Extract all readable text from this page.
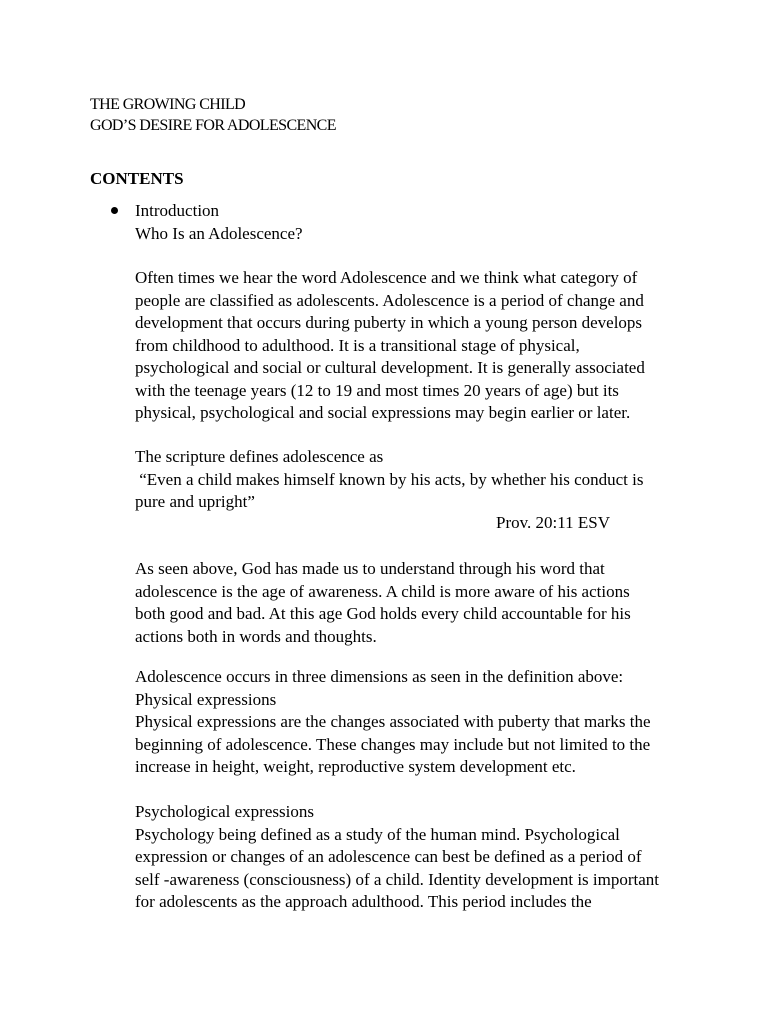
THE GROWING CHILD
GOD’S DESIRE FOR ADOLESCENCE
CONTENTS
Introduction
Who Is an Adolescence?
Often times we hear the word Adolescence and we think what category of
people are classified as adolescents. Adolescence is a period of change and
development that occurs during puberty in which a young person develops
from childhood to adulthood. It is a transitional stage of physical,
psychological and social or cultural development. It is generally associated
with the teenage years (12 to 19 and most times 20 years of age) but its
physical, psychological and social expressions may begin earlier or later.
The scripture defines adolescence as
“Even a child makes himself known by his acts, by whether his conduct is
pure and upright”
Prov. 20:11 ESV
As seen above, God has made us to understand through his word that
adolescence is the age of awareness. A child is more aware of his actions
both good and bad. At this age God holds every child accountable for his
actions both in words and thoughts.
Adolescence occurs in three dimensions as seen in the definition above:
Physical expressions
Physical expressions are the changes associated with puberty that marks the
beginning of adolescence. These changes may include but not limited to the
increase in height, weight, reproductive system development etc.
Psychological expressions
Psychology being defined as a study of the human mind. Psychological
expression or changes of an adolescence can best be defined as a period of
self -awareness (consciousness) of a child. Identity development is important
for adolescents as the approach adulthood. This period includes the
